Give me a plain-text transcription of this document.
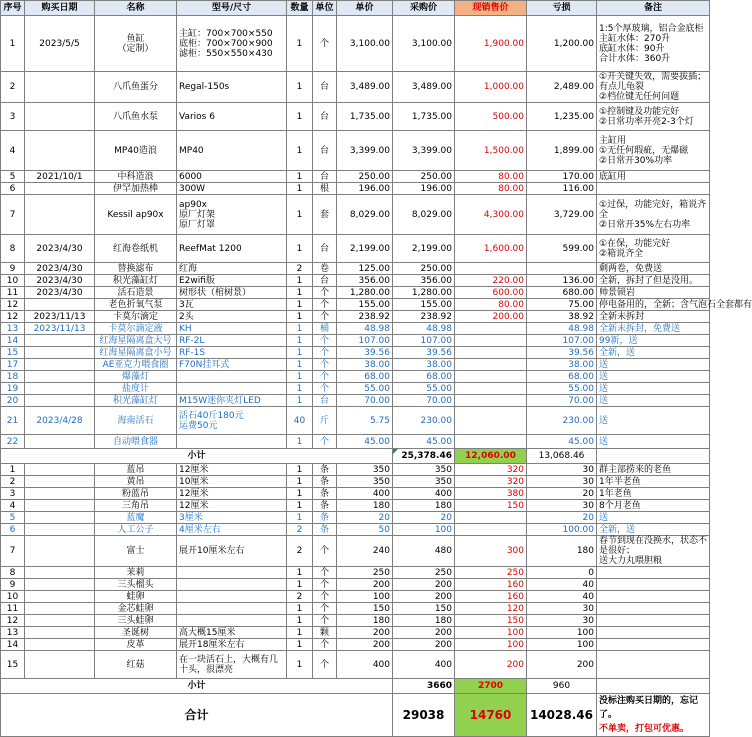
序号	购买日期	名称	型号/尺寸	数量	单位	单价	采购价	现销售价	亏损	备注
1	2023/5/5	鱼缸
（定制）	主缸：700×700×550
底柜：700×700×900
滤柜：550×550×430	1	个	3,100.00	3,100.00	1,900.00	1,200.00	1:5个厚玻璃，铝合金底柜
主缸水体：270升
底缸水体：90升
合计水体：360升
2		八爪鱼蛋分	Regal-150s	1	台	3,489.00	3,489.00	1,000.00	2,489.00	①开关键失效，需要拔插；有点儿龟裂
②档位键无任何问题
3		八爪鱼水泵	Varios 6	1	台	1,735.00	1,735.00	500.00	1,235.00	①控制键及功能完好
②日常功率开亮2-3个灯
4		MP40造浪	MP40	1	台	3,399.00	3,399.00	1,500.00	1,899.00	主缸用
①无任何瑕疵，无爆磁
②日常开30%功率
5	2021/10/1	中科造浪	6000	1	台	250.00	250.00	80.00	170.00	底缸用
6		伊罕加热棒	300W	1	根	196.00	196.00	80.00	116.00	
7		Kessil ap90x	ap90x
原厂灯架
原厂灯罩	1	套	8,029.00	8,029.00	4,300.00	3,729.00	①过保，功能完好，箱说齐全
②日常开35%左右功率
8	2023/4/30	红海卷纸机	ReefMat 1200	1	台	2,199.00	2,199.00	1,600.00	599.00	①在保，功能完好
②箱说齐全
9	2023/4/30	替换滤布	红海	2	卷	125.00	250.00			剩两卷，免费送
10	2023/4/30	积光藻缸灯	E2wifi版	1	台	356.00	356.00	220.00	136.00	全新，拆封了但是没用。
11	2023/4/30	活石造景	树形状（棺树景）	1	个	1,280.00	1,280.00	600.00	680.00	帅景锁岩
12		老色折氧气泵	3瓦	1	个	155.00	155.00	80.00	75.00	停电备用的，全新；含气泡石全套都有
12	2023/11/13	卡莫尔滴定	2头	1	个	238.92	238.92	200.00	38.92	全新未拆封
13	2023/11/13	卡莫尔滴定液	KH	1	桶	48.98	48.98		48.98	全新未拆封，免费送
14		红海星隔离盒大号	RF-2L	1	个	107.00	107.00		107.00	99新，送
15		红海星隔离盒小号	RF-1S	1	个	39.56	39.56		39.56	全新，送
17		AE亚克力喂食圈	F70N挂耳式	1	个	38.00	38.00		38.00	送
18		爆藻灯		1	个	68.00	68.00		68.00	送
19		盐度计		1	个	55.00	55.00		55.00	送
20		积光藻缸灯	M15W迷你夹灯LED	1	台	70.00	70.00		70.00	送
21	2023/4/28	海南活石	活石40斤180元
运费50元	40	斤	5.75	230.00		230.00	送
22		自动喂食器		1	个	45.00	45.00		45.00	送
小计							25,378.46	12,060.00	13,068.46	
1		蓝吊	12厘米	1	条	350	350	320	30	群主部捞来的老鱼
2		黄吊	10厘米	1	条	350	350	320	30	1年半老鱼
3		粉蓝吊	12厘米	1	条	400	400	380	20	1年老鱼
4		三角吊	12厘米	1	条	180	180	150	30	8个月老鱼
5		蓝魔	3厘米	1	条	20	20		20	送
6		人工公子	4厘米左右	2	条	50	100		100.00	全新，送
7		富士	展开10厘米左右	2	个	240	480	300	180	春节到现在没换水，状态不是很好；
送大力丸喂胆粮
8		茉莉		1	个	250	250	250	0	
9		三头榴头		1	个	200	200	160	40	
10		蛙卵		2	个	100	200	160	40	
11		金芯蛙卵		1	个	150	150	120	30	
12		三头蛙卵		1	个	180	180	150	30	
13		圣诞树	高大概15厘米	1	颗	200	200	100	100	
14		皮革	展开18厘米左右	1	个	200	200	100	100	
15		红菇	在一块活石上，大概有几
十头，很漂亮	1	个	400	400	200	200	
小计							3660	2700	960	
合计							29038	14760	14028.46	没标注购买日期的，忘记了。
不单卖，打包可优惠。
